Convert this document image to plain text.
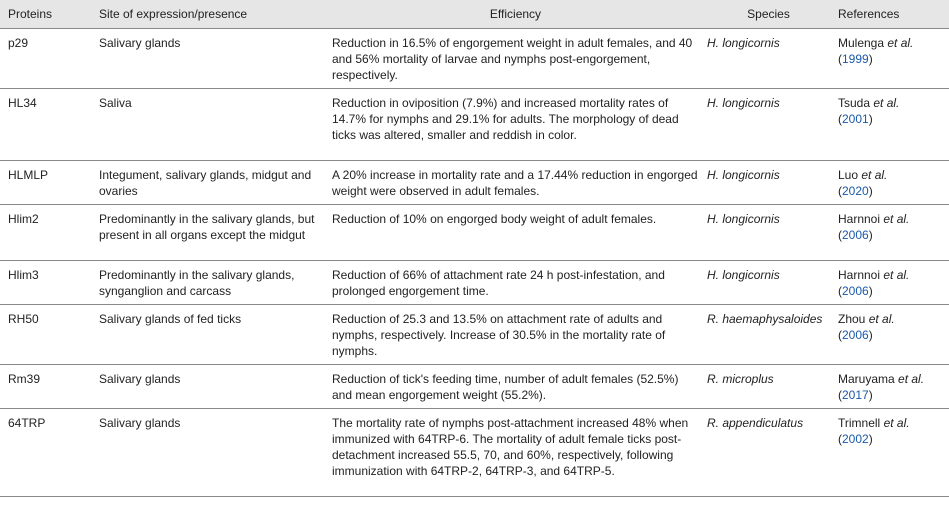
Proteins	Site of expression/presence	Efficiency	Species	References
p29	Salivary glands	Reduction in 16.5% of engorgement weight in adult females, and 40 and 56% mortality of larvae and nymphs post-engorgement, respectively.	H. longicornis	Mulenga et al.
(1999)
HL34	Saliva	Reduction in oviposition (7.9%) and increased mortality rates of 14.7% for nymphs and 29.1% for adults. The morphology of dead ticks was altered, smaller and reddish in color.	H. longicornis	Tsuda et al.
(2001)
HLMLP	Integument, salivary glands, midgut and ovaries	A 20% increase in mortality rate and a 17.44% reduction in engorged weight were observed in adult females.	H. longicornis	Luo et al.
(2020)
Hlim2	Predominantly in the salivary glands, but present in all organs except the midgut	Reduction of 10% on engorged body weight of adult females.	H. longicornis	Harnnoi et al.
(2006)
Hlim3	Predominantly in the salivary glands, synganglion and carcass	Reduction of 66% of attachment rate 24 h post-infestation, and prolonged engorgement time.	H. longicornis	Harnnoi et al.
(2006)
RH50	Salivary glands of fed ticks	Reduction of 25.3 and 13.5% on attachment rate of adults and nymphs, respectively. Increase of 30.5% in the mortality rate of nymphs.	R. haemaphysaloides	Zhou et al.
(2006)
Rm39	Salivary glands	Reduction of tick's feeding time, number of adult females (52.5%) and mean engorgement weight (55.2%).	R. microplus	Maruyama et al.
(2017)
64TRP	Salivary glands	The mortality rate of nymphs post-attachment increased 48% when immunized with 64TRP-6. The mortality of adult female ticks post-detachment increased 55.5, 70, and 60%, respectively, following immunization with 64TRP-2, 64TRP-3, and 64TRP-5.	R. appendiculatus	Trimnell et al.
(2002)
